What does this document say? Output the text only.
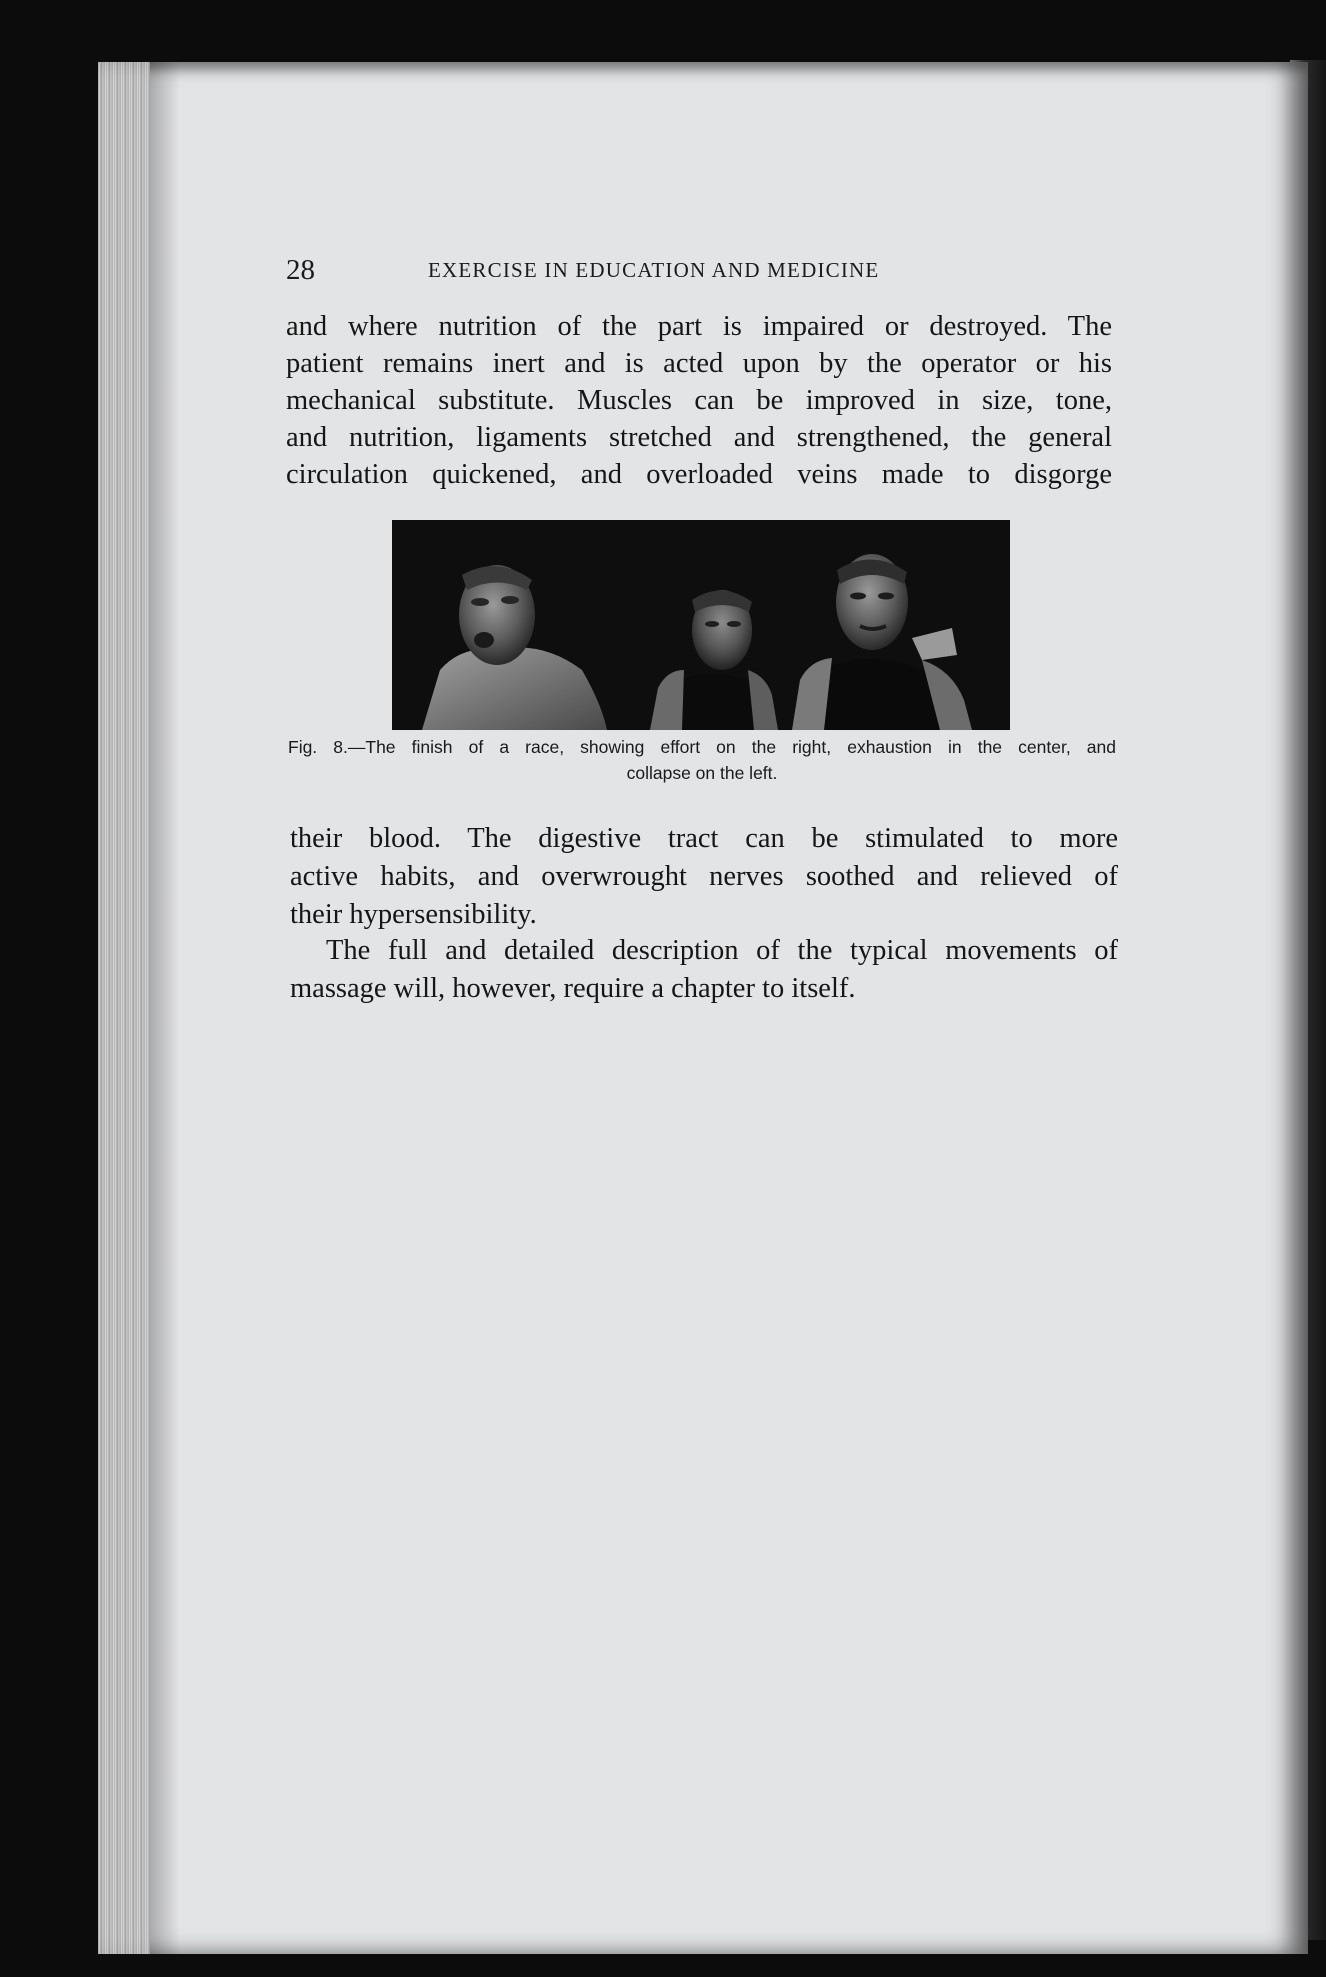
28	EXERCISE IN EDUCATION AND MEDICINE
and where nutrition of the part is impaired or destroyed. The
patient remains inert and is acted upon by the operator or his
mechanical substitute. Muscles can be improved in size, tone,
and nutrition, ligaments stretched and strengthened, the general
circulation quickened, and overloaded veins made to disgorge
Fig. 8.—The finish of a race, showing effort on the right, exhaustion in the center, and
collapse on the left.
their blood. The digestive tract can be stimulated to more
active habits, and overwrought nerves soothed and relieved of
their hypersensibility.
The full and detailed description of the typical movements of
massage will, however, require a chapter to itself.
